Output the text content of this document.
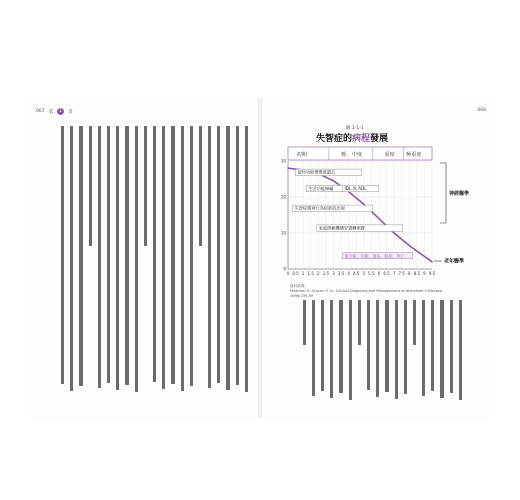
067 第	1	章	068
圖 1-1-1
失智症的病程發展
初期	輕、中度	重度 極重度
0 0.5 1 1.5 2 2.5 3 3.5 4 4.5 5 5.5 6 6.5 7 7.5 8 8.5 9 9.5
0
10
20
30
認知功能慢慢被遺忘
生活功能障礙	IDL 與 ADL
失智症精神行為症狀的出現
家庭照顧機構安置轉照護
肌少症、失能、譫妄、臥床、死亡
神經醫學
老年醫學
資料來源：
Feldman H, Gracon S. In: Clinical Diagnosis and Management of Alzheimer's Disease, 1996:239-59
